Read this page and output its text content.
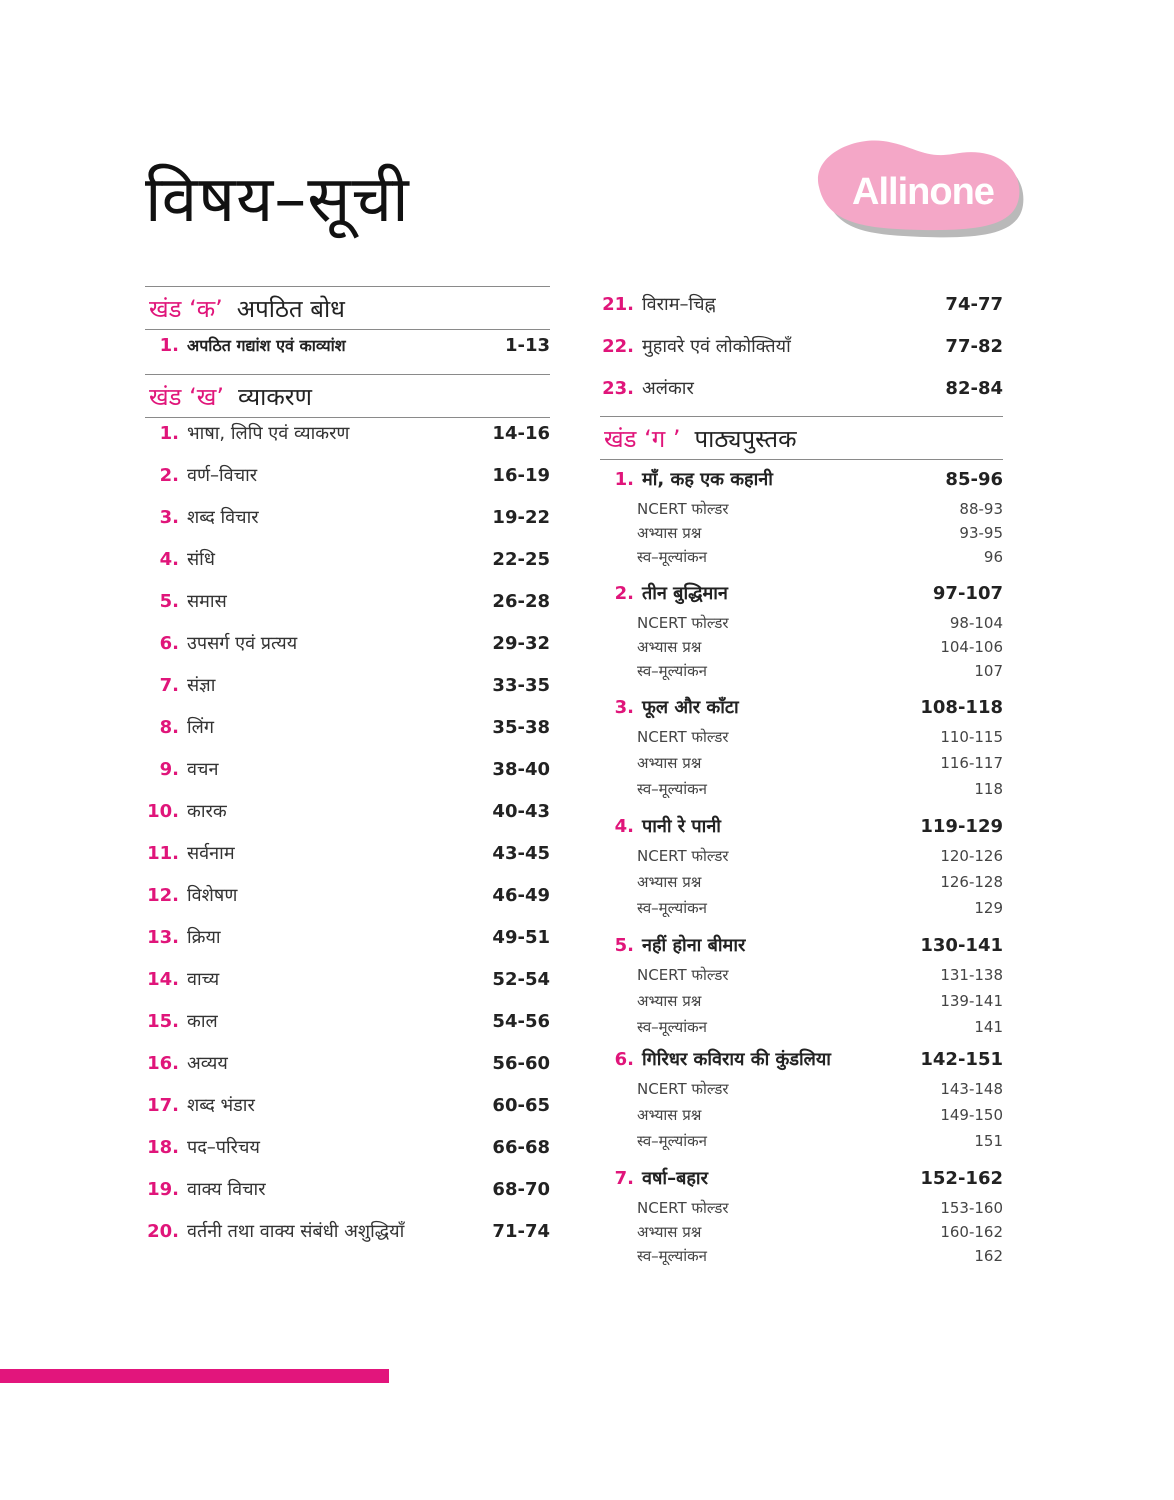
विषय–सूची	Allinone
खंड ‘क’ अपठित बोध
1. अपठित गद्यांश एवं काव्यांश	1-13
खंड ‘ख’ व्याकरण
खंड ‘ग ’ पाठ्यपुस्तक
1. भाषा, लिपि एवं व्याकरण	14-16
2. वर्ण–विचार	16-19
3. शब्द विचार	19-22
4. संधि	22-25
5. समास	26-28
6. उपसर्ग एवं प्रत्यय	29-32
7. संज्ञा	33-35
8. लिंग	35-38
9. वचन	38-40
10. कारक	40-43
11. सर्वनाम	43-45
12. विशेषण	46-49
13. क्रिया	49-51
14. वाच्य	52-54
15. काल	54-56
16. अव्यय	56-60
17. शब्द भंडार	60-65
18. पद–परिचय	66-68
19. वाक्य विचार	68-70
20. वर्तनी तथा वाक्य संबंधी अशुद्धियाँ	71-74
21. विराम–चिह्न	74-77
22. मुहावरे एवं लोकोक्तियाँ	77-82
23. अलंकार	82-84
1. माँ, कह एक कहानी	85-96
NCERT फोल्डर	88-93
अभ्यास प्रश्न	93-95
स्व–मूल्यांकन	96
2. तीन बुद्धिमान	97-107
NCERT फोल्डर	98-104
अभ्यास प्रश्न	104-106
स्व–मूल्यांकन	107
3. फूल और काँटा	108-118
NCERT फोल्डर	110-115
अभ्यास प्रश्न	116-117
स्व–मूल्यांकन	118
4. पानी रे पानी	119-129
NCERT फोल्डर	120-126
अभ्यास प्रश्न	126-128
स्व–मूल्यांकन	129
5. नहीं होना बीमार	130-141
NCERT फोल्डर	131-138
अभ्यास प्रश्न	139-141
स्व–मूल्यांकन	141
6. गिरिधर कविराय की कुंडलिया	142-151
NCERT फोल्डर	143-148
अभ्यास प्रश्न	149-150
स्व–मूल्यांकन	151
7. वर्षा–बहार	152-162
NCERT फोल्डर	153-160
अभ्यास प्रश्न	160-162
स्व–मूल्यांकन	162
